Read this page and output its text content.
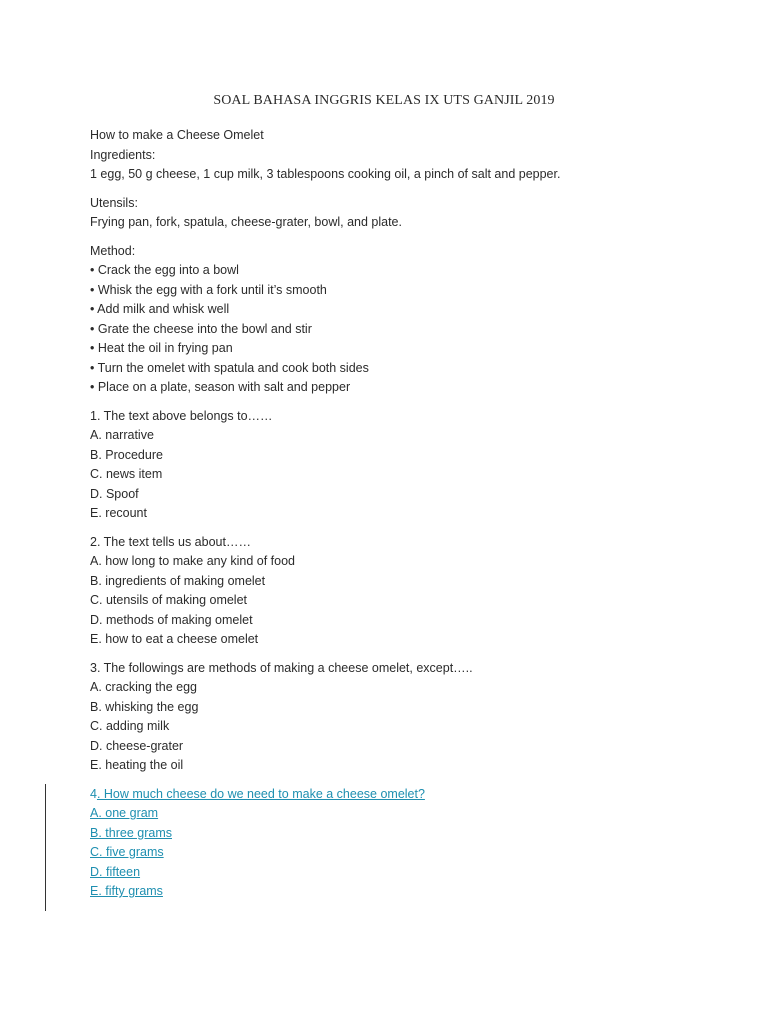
SOAL BAHASA INGGRIS KELAS IX UTS GANJIL 2019
How to make a Cheese Omelet
Ingredients:
1 egg, 50 g cheese, 1 cup milk, 3 tablespoons cooking oil, a pinch of salt and pepper.
Utensils:
Frying pan, fork, spatula, cheese-grater, bowl, and plate.
Method:
• Crack the egg into a bowl
• Whisk the egg with a fork until it’s smooth
• Add milk and whisk well
• Grate the cheese into the bowl and stir
• Heat the oil in frying pan
• Turn the omelet with spatula and cook both sides
• Place on a plate, season with salt and pepper
1. The text above belongs to……
A. narrative
B. Procedure
C. news item
D. Spoof
E. recount
2. The text tells us about……
A. how long to make any kind of food
B. ingredients of making omelet
C. utensils of making omelet
D. methods of making omelet
E. how to eat a cheese omelet
3. The followings are methods of making a cheese omelet, except…..
A. cracking the egg
B. whisking the egg
C. adding milk
D. cheese-grater
E. heating the oil
4. How much cheese do we need to make a cheese omelet?
A. one gram
B. three grams
C. five grams
D. fifteen
E. fifty grams
